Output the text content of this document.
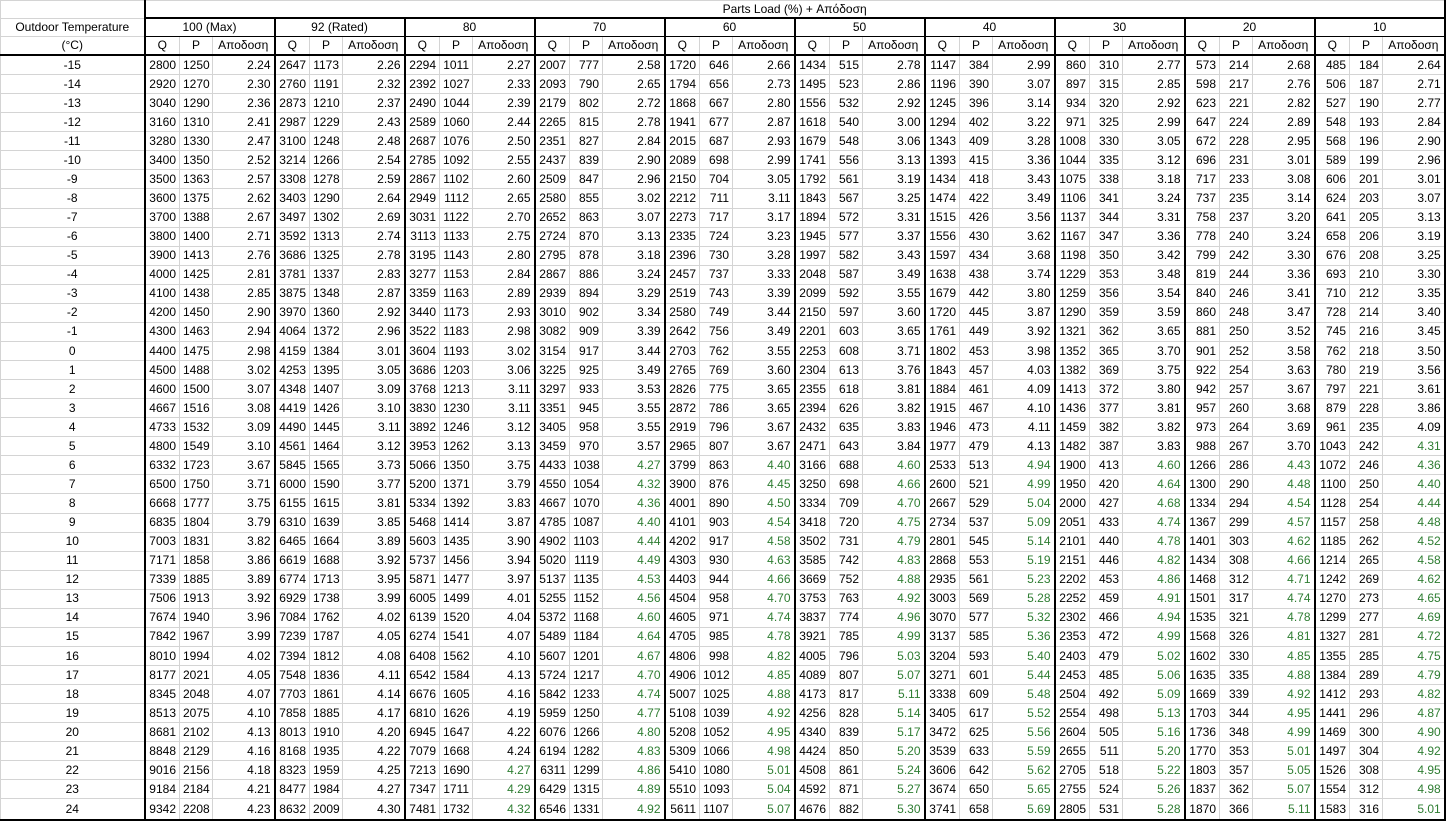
	Parts Load (%) + Απόδοση																													
Outdoor Temperature	100 (Max)			92 (Rated)			80			70			60			50			40			30			20			10		
(°C)	Q	P	Αποδοση	Q	P	Αποδοση	Q	P	Αποδοση	Q	P	Αποδοση	Q	P	Αποδοση	Q	P	Αποδοση	Q	P	Αποδοση	Q	P	Αποδοση	Q	P	Αποδοση	Q	P	Αποδοση
-15	2800	1250	2.24	2647	1173	2.26	2294	1011	2.27	2007	777	2.58	1720	646	2.66	1434	515	2.78	1147	384	2.99	860	310	2.77	573	214	2.68	485	184	2.64
-14	2920	1270	2.30	2760	1191	2.32	2392	1027	2.33	2093	790	2.65	1794	656	2.73	1495	523	2.86	1196	390	3.07	897	315	2.85	598	217	2.76	506	187	2.71
-13	3040	1290	2.36	2873	1210	2.37	2490	1044	2.39	2179	802	2.72	1868	667	2.80	1556	532	2.92	1245	396	3.14	934	320	2.92	623	221	2.82	527	190	2.77
-12	3160	1310	2.41	2987	1229	2.43	2589	1060	2.44	2265	815	2.78	1941	677	2.87	1618	540	3.00	1294	402	3.22	971	325	2.99	647	224	2.89	548	193	2.84
-11	3280	1330	2.47	3100	1248	2.48	2687	1076	2.50	2351	827	2.84	2015	687	2.93	1679	548	3.06	1343	409	3.28	1008	330	3.05	672	228	2.95	568	196	2.90
-10	3400	1350	2.52	3214	1266	2.54	2785	1092	2.55	2437	839	2.90	2089	698	2.99	1741	556	3.13	1393	415	3.36	1044	335	3.12	696	231	3.01	589	199	2.96
-9	3500	1363	2.57	3308	1278	2.59	2867	1102	2.60	2509	847	2.96	2150	704	3.05	1792	561	3.19	1434	418	3.43	1075	338	3.18	717	233	3.08	606	201	3.01
-8	3600	1375	2.62	3403	1290	2.64	2949	1112	2.65	2580	855	3.02	2212	711	3.11	1843	567	3.25	1474	422	3.49	1106	341	3.24	737	235	3.14	624	203	3.07
-7	3700	1388	2.67	3497	1302	2.69	3031	1122	2.70	2652	863	3.07	2273	717	3.17	1894	572	3.31	1515	426	3.56	1137	344	3.31	758	237	3.20	641	205	3.13
-6	3800	1400	2.71	3592	1313	2.74	3113	1133	2.75	2724	870	3.13	2335	724	3.23	1945	577	3.37	1556	430	3.62	1167	347	3.36	778	240	3.24	658	206	3.19
-5	3900	1413	2.76	3686	1325	2.78	3195	1143	2.80	2795	878	3.18	2396	730	3.28	1997	582	3.43	1597	434	3.68	1198	350	3.42	799	242	3.30	676	208	3.25
-4	4000	1425	2.81	3781	1337	2.83	3277	1153	2.84	2867	886	3.24	2457	737	3.33	2048	587	3.49	1638	438	3.74	1229	353	3.48	819	244	3.36	693	210	3.30
-3	4100	1438	2.85	3875	1348	2.87	3359	1163	2.89	2939	894	3.29	2519	743	3.39	2099	592	3.55	1679	442	3.80	1259	356	3.54	840	246	3.41	710	212	3.35
-2	4200	1450	2.90	3970	1360	2.92	3440	1173	2.93	3010	902	3.34	2580	749	3.44	2150	597	3.60	1720	445	3.87	1290	359	3.59	860	248	3.47	728	214	3.40
-1	4300	1463	2.94	4064	1372	2.96	3522	1183	2.98	3082	909	3.39	2642	756	3.49	2201	603	3.65	1761	449	3.92	1321	362	3.65	881	250	3.52	745	216	3.45
0	4400	1475	2.98	4159	1384	3.01	3604	1193	3.02	3154	917	3.44	2703	762	3.55	2253	608	3.71	1802	453	3.98	1352	365	3.70	901	252	3.58	762	218	3.50
1	4500	1488	3.02	4253	1395	3.05	3686	1203	3.06	3225	925	3.49	2765	769	3.60	2304	613	3.76	1843	457	4.03	1382	369	3.75	922	254	3.63	780	219	3.56
2	4600	1500	3.07	4348	1407	3.09	3768	1213	3.11	3297	933	3.53	2826	775	3.65	2355	618	3.81	1884	461	4.09	1413	372	3.80	942	257	3.67	797	221	3.61
3	4667	1516	3.08	4419	1426	3.10	3830	1230	3.11	3351	945	3.55	2872	786	3.65	2394	626	3.82	1915	467	4.10	1436	377	3.81	957	260	3.68	879	228	3.86
4	4733	1532	3.09	4490	1445	3.11	3892	1246	3.12	3405	958	3.55	2919	796	3.67	2432	635	3.83	1946	473	4.11	1459	382	3.82	973	264	3.69	961	235	4.09
5	4800	1549	3.10	4561	1464	3.12	3953	1262	3.13	3459	970	3.57	2965	807	3.67	2471	643	3.84	1977	479	4.13	1482	387	3.83	988	267	3.70	1043	242	4.31
6	6332	1723	3.67	5845	1565	3.73	5066	1350	3.75	4433	1038	4.27	3799	863	4.40	3166	688	4.60	2533	513	4.94	1900	413	4.60	1266	286	4.43	1072	246	4.36
7	6500	1750	3.71	6000	1590	3.77	5200	1371	3.79	4550	1054	4.32	3900	876	4.45	3250	698	4.66	2600	521	4.99	1950	420	4.64	1300	290	4.48	1100	250	4.40
8	6668	1777	3.75	6155	1615	3.81	5334	1392	3.83	4667	1070	4.36	4001	890	4.50	3334	709	4.70	2667	529	5.04	2000	427	4.68	1334	294	4.54	1128	254	4.44
9	6835	1804	3.79	6310	1639	3.85	5468	1414	3.87	4785	1087	4.40	4101	903	4.54	3418	720	4.75	2734	537	5.09	2051	433	4.74	1367	299	4.57	1157	258	4.48
10	7003	1831	3.82	6465	1664	3.89	5603	1435	3.90	4902	1103	4.44	4202	917	4.58	3502	731	4.79	2801	545	5.14	2101	440	4.78	1401	303	4.62	1185	262	4.52
11	7171	1858	3.86	6619	1688	3.92	5737	1456	3.94	5020	1119	4.49	4303	930	4.63	3585	742	4.83	2868	553	5.19	2151	446	4.82	1434	308	4.66	1214	265	4.58
12	7339	1885	3.89	6774	1713	3.95	5871	1477	3.97	5137	1135	4.53	4403	944	4.66	3669	752	4.88	2935	561	5.23	2202	453	4.86	1468	312	4.71	1242	269	4.62
13	7506	1913	3.92	6929	1738	3.99	6005	1499	4.01	5255	1152	4.56	4504	958	4.70	3753	763	4.92	3003	569	5.28	2252	459	4.91	1501	317	4.74	1270	273	4.65
14	7674	1940	3.96	7084	1762	4.02	6139	1520	4.04	5372	1168	4.60	4605	971	4.74	3837	774	4.96	3070	577	5.32	2302	466	4.94	1535	321	4.78	1299	277	4.69
15	7842	1967	3.99	7239	1787	4.05	6274	1541	4.07	5489	1184	4.64	4705	985	4.78	3921	785	4.99	3137	585	5.36	2353	472	4.99	1568	326	4.81	1327	281	4.72
16	8010	1994	4.02	7394	1812	4.08	6408	1562	4.10	5607	1201	4.67	4806	998	4.82	4005	796	5.03	3204	593	5.40	2403	479	5.02	1602	330	4.85	1355	285	4.75
17	8177	2021	4.05	7548	1836	4.11	6542	1584	4.13	5724	1217	4.70	4906	1012	4.85	4089	807	5.07	3271	601	5.44	2453	485	5.06	1635	335	4.88	1384	289	4.79
18	8345	2048	4.07	7703	1861	4.14	6676	1605	4.16	5842	1233	4.74	5007	1025	4.88	4173	817	5.11	3338	609	5.48	2504	492	5.09	1669	339	4.92	1412	293	4.82
19	8513	2075	4.10	7858	1885	4.17	6810	1626	4.19	5959	1250	4.77	5108	1039	4.92	4256	828	5.14	3405	617	5.52	2554	498	5.13	1703	344	4.95	1441	296	4.87
20	8681	2102	4.13	8013	1910	4.20	6945	1647	4.22	6076	1266	4.80	5208	1052	4.95	4340	839	5.17	3472	625	5.56	2604	505	5.16	1736	348	4.99	1469	300	4.90
21	8848	2129	4.16	8168	1935	4.22	7079	1668	4.24	6194	1282	4.83	5309	1066	4.98	4424	850	5.20	3539	633	5.59	2655	511	5.20	1770	353	5.01	1497	304	4.92
22	9016	2156	4.18	8323	1959	4.25	7213	1690	4.27	6311	1299	4.86	5410	1080	5.01	4508	861	5.24	3606	642	5.62	2705	518	5.22	1803	357	5.05	1526	308	4.95
23	9184	2184	4.21	8477	1984	4.27	7347	1711	4.29	6429	1315	4.89	5510	1093	5.04	4592	871	5.27	3674	650	5.65	2755	524	5.26	1837	362	5.07	1554	312	4.98
24	9342	2208	4.23	8632	2009	4.30	7481	1732	4.32	6546	1331	4.92	5611	1107	5.07	4676	882	5.30	3741	658	5.69	2805	531	5.28	1870	366	5.11	1583	316	5.01
